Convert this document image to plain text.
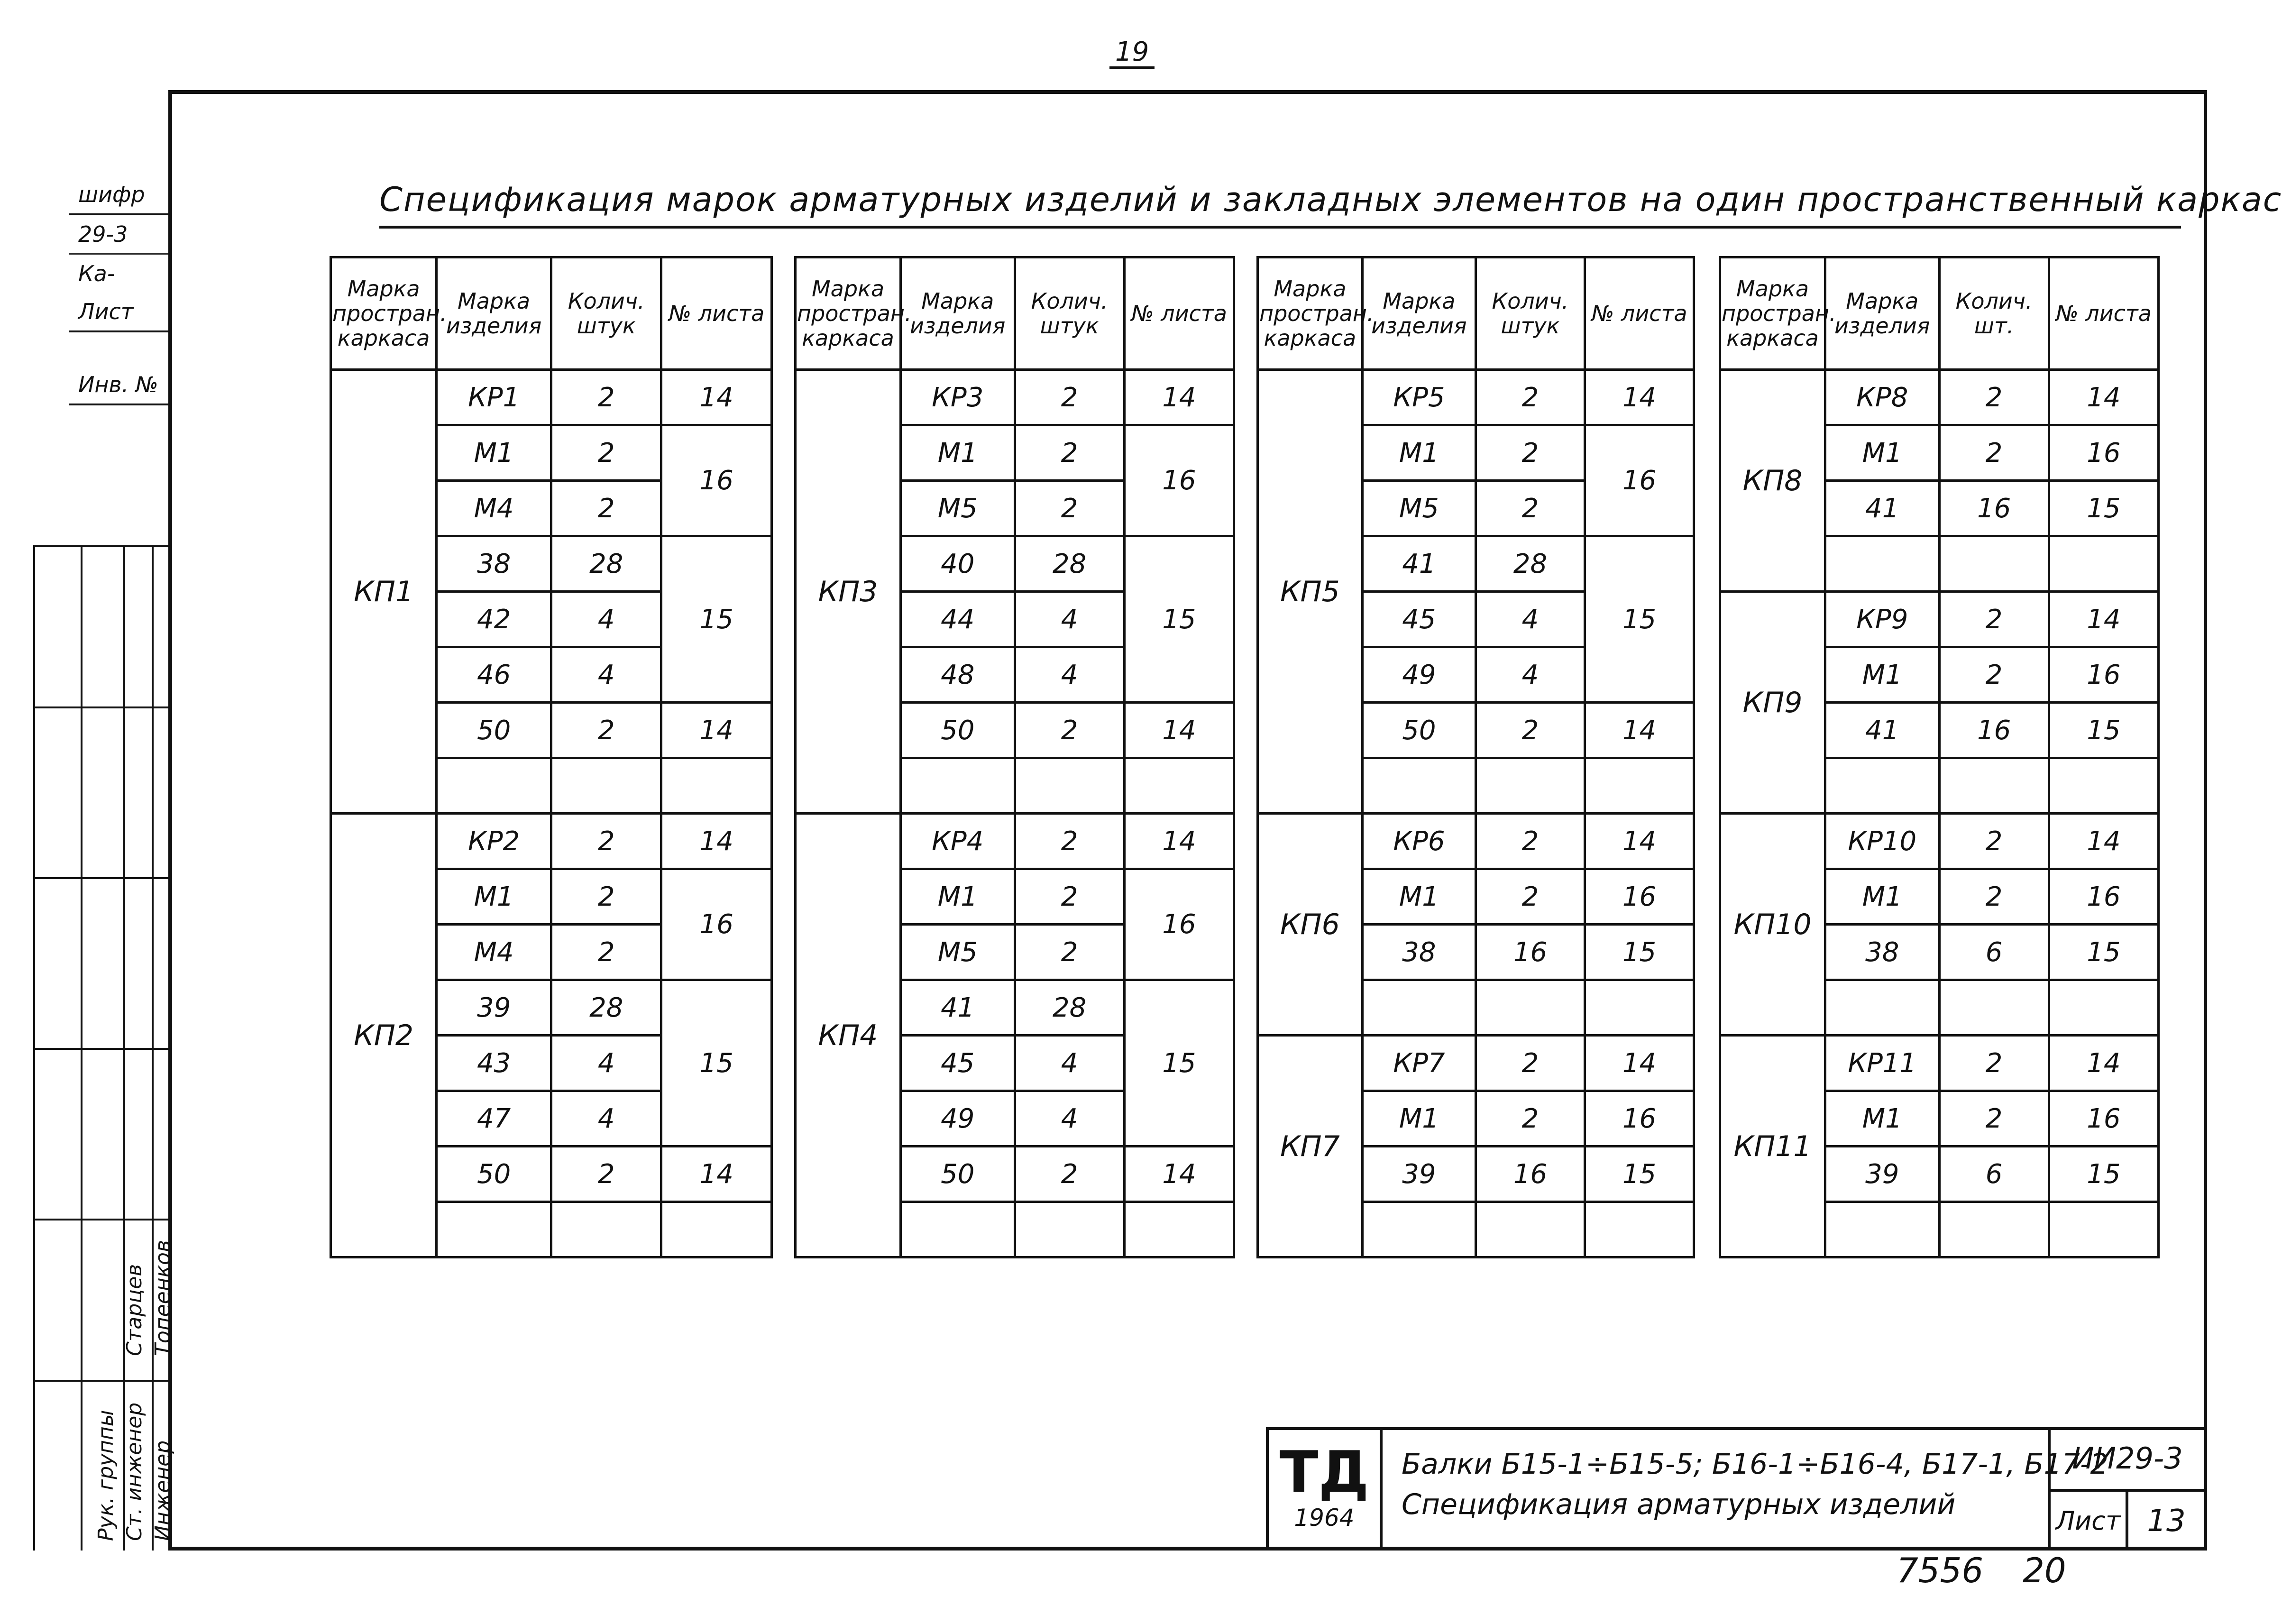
19
шифр
29-3
Ка-Лист
Инв. №
Рук. группы Ст. инженер Инженер
Старцев Топеенков
Спецификация марок арматурных изделий и закладных элементов на один пространственный каркас
Марка простран. каркаса	Марка изделия	Колич. штук	№ листа
КП1	КР1	2	14
	М1	2	16
	М4	2	
	38	28	15
	42	4	
	46	4	
	50	2	14

КП2	КР2	2	14
	М1	2	16
	М4	2	
	39	28	15
	43	4	
	47	4	
	50	2	14

Марка простран. каркаса	Марка изделия	Колич. штук	№ листа
КП3	КР3	2	14
	М1	2	16
	М5	2	
	40	28	15
	44	4	
	48	4	
	50	2	14

КП4	КР4	2	14
	М1	2	16
	М5	2	
	41	28	15
	45	4	
	49	4	
	50	2	14

Марка простран. каркаса	Марка изделия	Колич. штук	№ листа
КП5	КР5	2	14
	М1	2	16
	М5	2	
	41	28	15
	45	4	
	49	4	
	50	2	14

КП6	КР6	2	14
	М1	2	16
	38	16	15

КП7	КР7	2	14
	М1	2	16
	39	16	15

Марка простран. каркаса	Марка изделия	Колич. шт.	№ листа
КП8	КР8	2	14
	М1	2	16
	41	16	15

КП9	КР9	2	14
	М1	2	16
	41	16	15

КП10	КР10	2	14
	М1	2	16
	38	6	15

КП11	КР11	2	14
	М1	2	16
	39	6	15

ТД
1964
Балки Б15-1÷Б15-5; Б16-1÷Б16-4, Б17-1, Б17-2
Спецификация арматурных изделий
ИИ29-3
Лист 13
7556 20
